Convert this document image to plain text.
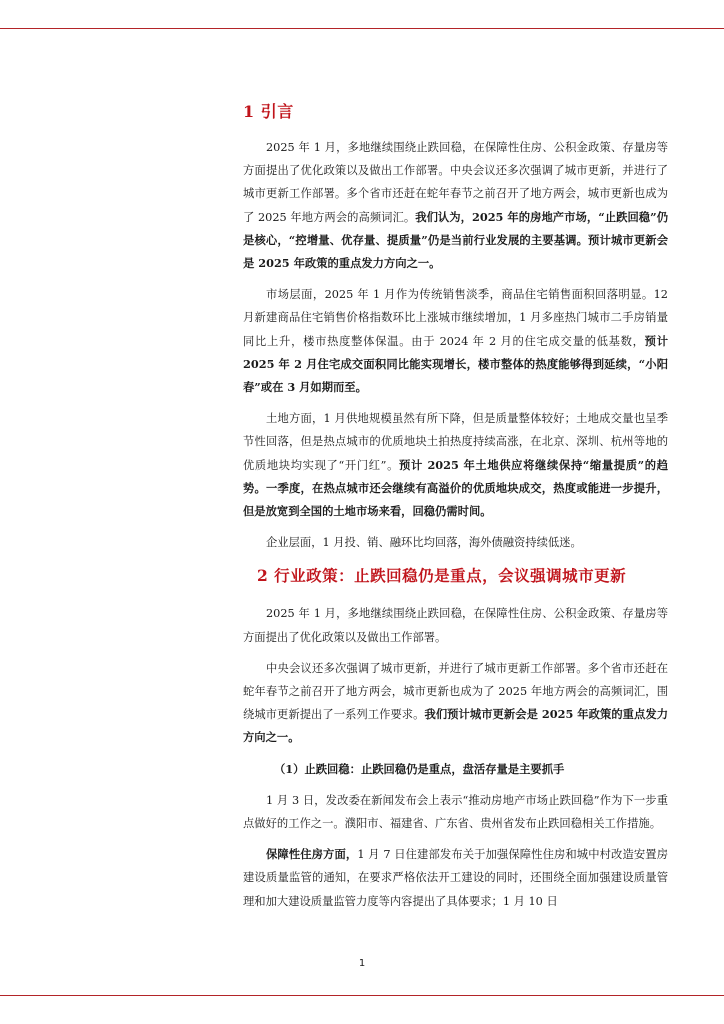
1 引言

2025 年 1 月，多地继续围绕止跌回稳，在保障性住房、公积金政策、存量房等方面提出了优化政策以及做出工作部署。中央会议还多次强调了城市更新，并进行了城市更新工作部署。多个省市还赶在蛇年春节之前召开了地方两会，城市更新也成为了 2025 年地方两会的高频词汇。我们认为，2025 年的房地产市场，“止跌回稳”仍是核心，“控增量、优存量、提质量”仍是当前行业发展的主要基调。预计城市更新会是 2025 年政策的重点发力方向之一。

市场层面，2025 年 1 月作为传统销售淡季，商品住宅销售面积回落明显。12 月新建商品住宅销售价格指数环比上涨城市继续增加，1 月多座热门城市二手房销量同比上升，楼市热度整体保温。由于 2024 年 2 月的住宅成交量的低基数，预计 2025 年 2 月住宅成交面积同比能实现增长，楼市整体的热度能够得到延续，“小阳春”或在 3 月如期而至。

土地方面，1 月供地规模虽然有所下降，但是质量整体较好；土地成交量也呈季节性回落，但是热点城市的优质地块土拍热度持续高涨，在北京、深圳、杭州等地的优质地块均实现了“开门红”。预计 2025 年土地供应将继续保持“缩量提质”的趋势。一季度，在热点城市还会继续有高溢价的优质地块成交，热度或能进一步提升，但是放宽到全国的土地市场来看，回稳仍需时间。

企业层面，1 月投、销、融环比均回落，海外债融资持续低迷。

2 行业政策：止跌回稳仍是重点，会议强调城市更新

2025 年 1 月，多地继续围绕止跌回稳，在保障性住房、公积金政策、存量房等方面提出了优化政策以及做出工作部署。

中央会议还多次强调了城市更新，并进行了城市更新工作部署。多个省市还赶在蛇年春节之前召开了地方两会，城市更新也成为了 2025 年地方两会的高频词汇，围绕城市更新提出了一系列工作要求。我们预计城市更新会是 2025 年政策的重点发力方向之一。

（1）止跌回稳：止跌回稳仍是重点，盘活存量是主要抓手

1 月 3 日，发改委在新闻发布会上表示“推动房地产市场止跌回稳”作为下一步重点做好的工作之一。濮阳市、福建省、广东省、贵州省发布止跌回稳相关工作措施。

保障性住房方面，1 月 7 日住建部发布关于加强保障性住房和城中村改造安置房建设质量监管的通知，在要求严格依法开工建设的同时，还围绕全面加强建设质量管理和加大建设质量监管力度等内容提出了具体要求；1 月 10 日

1
